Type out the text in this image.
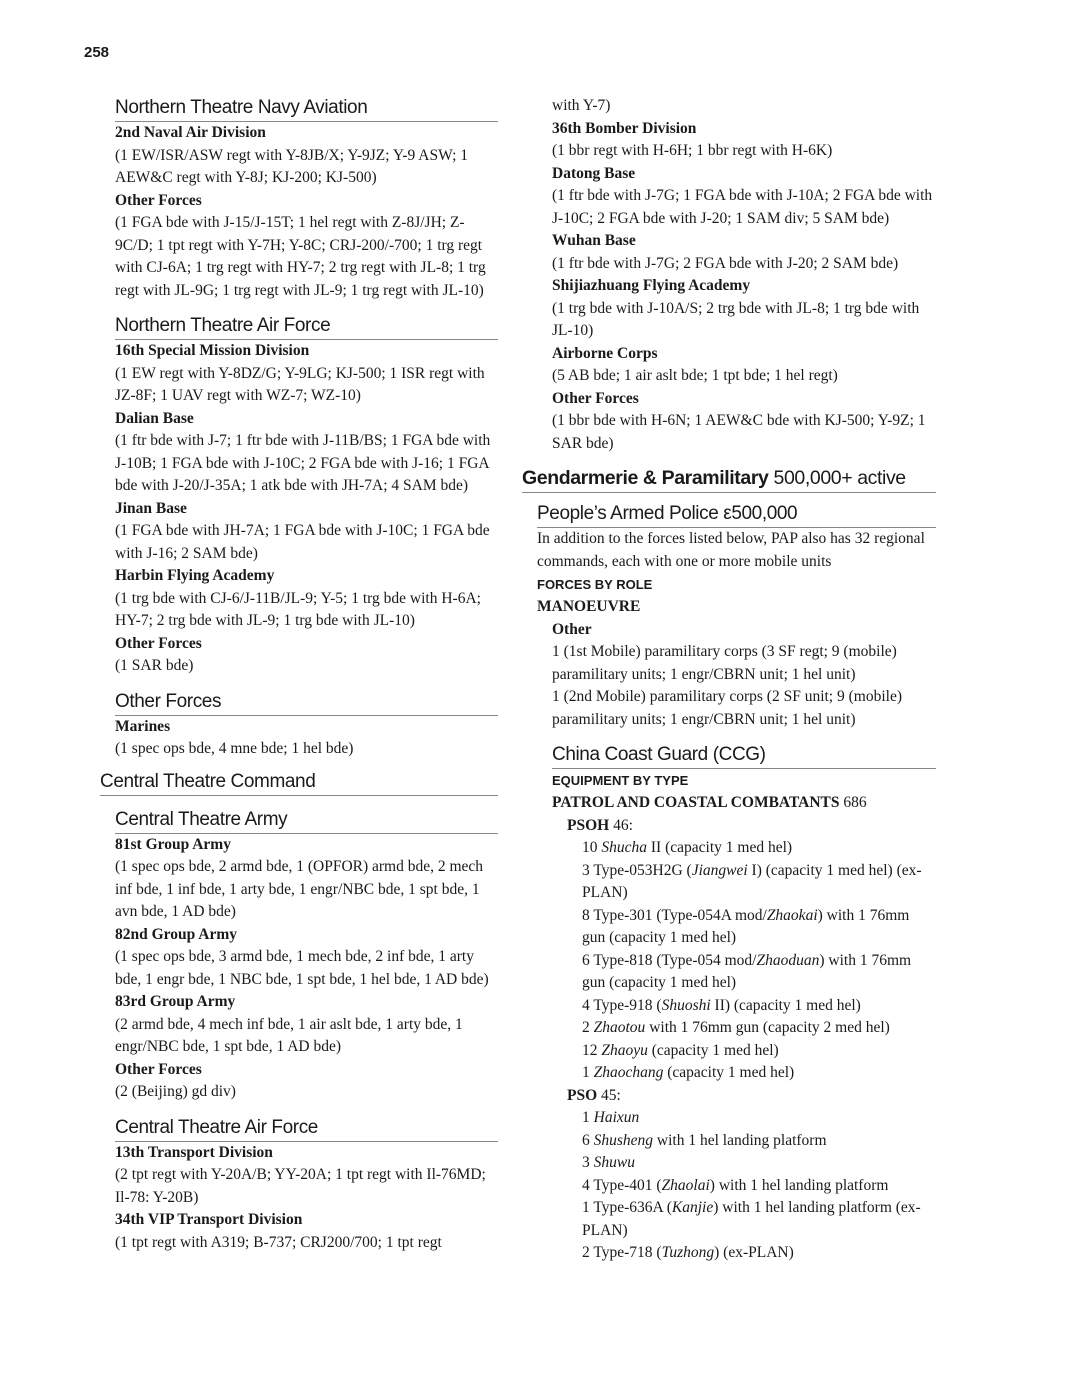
258
Northern Theatre Navy Aviation
2nd Naval Air Division
(1 EW/ISR/ASW regt with Y-8JB/X; Y-9JZ; Y-9 ASW; 1 AEW&C regt with Y-8J; KJ-200; KJ-500)
Other Forces
(1 FGA bde with J-15/J-15T; 1 hel regt with Z-8J/JH; Z-9C/D; 1 tpt regt with Y-7H; Y-8C; CRJ-200/-700; 1 trg regt with CJ-6A; 1 trg regt with HY-7; 2 trg regt with JL-8; 1 trg regt with JL-9G; 1 trg regt with JL-9; 1 trg regt with JL-10)
Northern Theatre Air Force
16th Special Mission Division
(1 EW regt with Y-8DZ/G; Y-9LG; KJ-500; 1 ISR regt with JZ-8F; 1 UAV regt with WZ-7; WZ-10)
Dalian Base
(1 ftr bde with J-7; 1 ftr bde with J-11B/BS; 1 FGA bde with J-10B; 1 FGA bde with J-10C; 2 FGA bde with J-16; 1 FGA bde with J-20/J-35A; 1 atk bde with JH-7A; 4 SAM bde)
Jinan Base
(1 FGA bde with JH-7A; 1 FGA bde with J-10C; 1 FGA bde with J-16; 2 SAM bde)
Harbin Flying Academy
(1 trg bde with CJ-6/J-11B/JL-9; Y-5; 1 trg bde with H-6A; HY-7; 2 trg bde with JL-9; 1 trg bde with JL-10)
Other Forces
(1 SAR bde)
Other Forces
Marines
(1 spec ops bde, 4 mne bde; 1 hel bde)
Central Theatre Command
Central Theatre Army
81st Group Army
(1 spec ops bde, 2 armd bde, 1 (OPFOR) armd bde, 2 mech inf bde, 1 inf bde, 1 arty bde, 1 engr/NBC bde, 1 spt bde, 1 avn bde, 1 AD bde)
82nd Group Army
(1 spec ops bde, 3 armd bde, 1 mech bde, 2 inf bde, 1 arty bde, 1 engr bde, 1 NBC bde, 1 spt bde, 1 hel bde, 1 AD bde)
83rd Group Army
(2 armd bde, 4 mech inf bde, 1 air aslt bde, 1 arty bde, 1 engr/NBC bde, 1 spt bde, 1 AD bde)
Other Forces
(2 (Beijing) gd div)
Central Theatre Air Force
13th Transport Division
(2 tpt regt with Y-20A/B; YY-20A; 1 tpt regt with Il-76MD; Il-78: Y-20B)
34th VIP Transport Division
(1 tpt regt with A319; B-737; CRJ200/700; 1 tpt regt
with Y-7)
36th Bomber Division
(1 bbr regt with H-6H; 1 bbr regt with H-6K)
Datong Base
(1 ftr bde with J-7G; 1 FGA bde with J-10A; 2 FGA bde with J-10C; 2 FGA bde with J-20; 1 SAM div; 5 SAM bde)
Wuhan Base
(1 ftr bde with J-7G; 2 FGA bde with J-20; 2 SAM bde)
Shijiazhuang Flying Academy
(1 trg bde with J-10A/S; 2 trg bde with JL-8; 1 trg bde with JL-10)
Airborne Corps
(5 AB bde; 1 air aslt bde; 1 tpt bde; 1 hel regt)
Other Forces
(1 bbr bde with H-6N; 1 AEW&C bde with KJ-500; Y-9Z; 1 SAR bde)
Gendarmerie & Paramilitary 500,000+ active
People’s Armed Police ε500,000
In addition to the forces listed below, PAP also has 32 regional commands, each with one or more mobile units
FORCES BY ROLE
MANOEUVRE
Other
1 (1st Mobile) paramilitary corps (3 SF regt; 9 (mobile) paramilitary units; 1 engr/CBRN unit; 1 hel unit)
1 (2nd Mobile) paramilitary corps (2 SF unit; 9 (mobile) paramilitary units; 1 engr/CBRN unit; 1 hel unit)
China Coast Guard (CCG)
EQUIPMENT BY TYPE
PATROL AND COASTAL COMBATANTS 686
PSOH 46:
10 Shucha II (capacity 1 med hel)
3 Type-053H2G (Jiangwei I) (capacity 1 med hel) (ex-PLAN)
8 Type-301 (Type-054A mod/Zhaokai) with 1 76mm gun (capacity 1 med hel)
6 Type-818 (Type-054 mod/Zhaoduan) with 1 76mm gun (capacity 1 med hel)
4 Type-918 (Shuoshi II) (capacity 1 med hel)
2 Zhaotou with 1 76mm gun (capacity 2 med hel)
12 Zhaoyu (capacity 1 med hel)
1 Zhaochang (capacity 1 med hel)
PSO 45:
1 Haixun
6 Shusheng with 1 hel landing platform
3 Shuwu
4 Type-401 (Zhaolai) with 1 hel landing platform
1 Type-636A (Kanjie) with 1 hel landing platform (ex-PLAN)
2 Type-718 (Tuzhong) (ex-PLAN)
